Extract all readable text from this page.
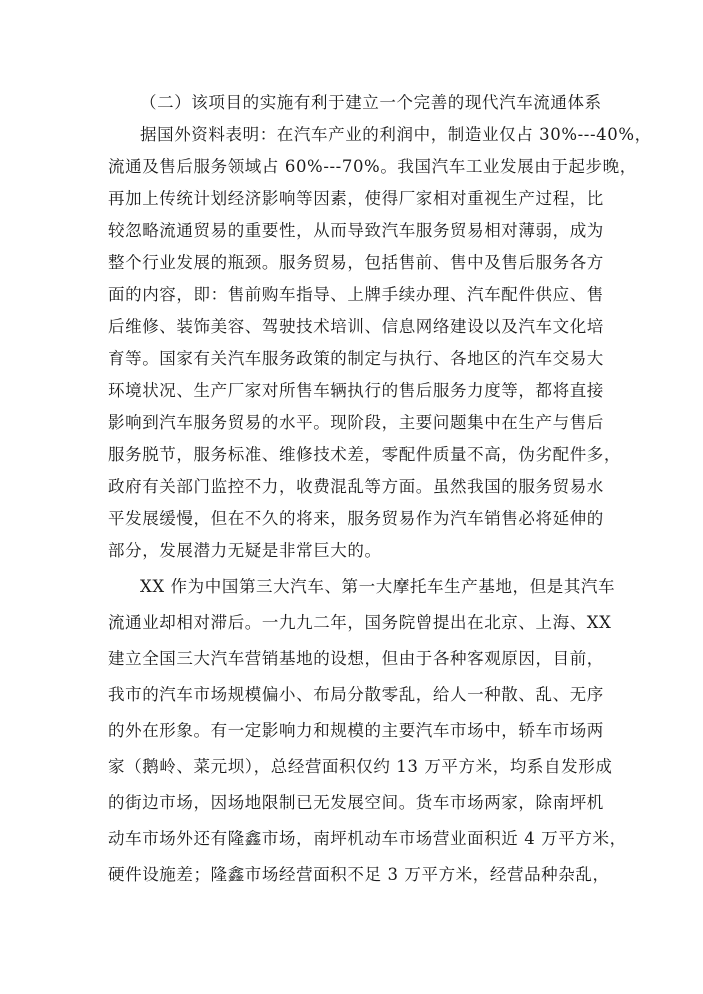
（二）该项目的实施有利于建立一个完善的现代汽车流通体系
据国外资料表明：在汽车产业的利润中，制造业仅占 30%---40%，
流通及售后服务领域占 60%---70%。我国汽车工业发展由于起步晚，
再加上传统计划经济影响等因素，使得厂家相对重视生产过程，比
较忽略流通贸易的重要性，从而导致汽车服务贸易相对薄弱，成为
整个行业发展的瓶颈。服务贸易，包括售前、售中及售后服务各方
面的内容，即：售前购车指导、上牌手续办理、汽车配件供应、售
后维修、装饰美容、驾驶技术培训、信息网络建设以及汽车文化培
育等。国家有关汽车服务政策的制定与执行、各地区的汽车交易大
环境状况、生产厂家对所售车辆执行的售后服务力度等，都将直接
影响到汽车服务贸易的水平。现阶段，主要问题集中在生产与售后
服务脱节，服务标准、维修技术差，零配件质量不高，伪劣配件多，
政府有关部门监控不力，收费混乱等方面。虽然我国的服务贸易水
平发展缓慢，但在不久的将来，服务贸易作为汽车销售必将延伸的
部分，发展潜力无疑是非常巨大的。
XX 作为中国第三大汽车、第一大摩托车生产基地，但是其汽车
流通业却相对滞后。一九九二年，国务院曾提出在北京、上海、XX
建立全国三大汽车营销基地的设想，但由于各种客观原因，目前，
我市的汽车市场规模偏小、布局分散零乱，给人一种散、乱、无序
的外在形象。有一定影响力和规模的主要汽车市场中，轿车市场两
家（鹅岭、菜元坝），总经营面积仅约 13 万平方米，均系自发形成
的街边市场，因场地限制已无发展空间。货车市场两家，除南坪机
动车市场外还有隆鑫市场，南坪机动车市场营业面积近 4 万平方米，
硬件设施差；隆鑫市场经营面积不足 3 万平方米，经营品种杂乱，
